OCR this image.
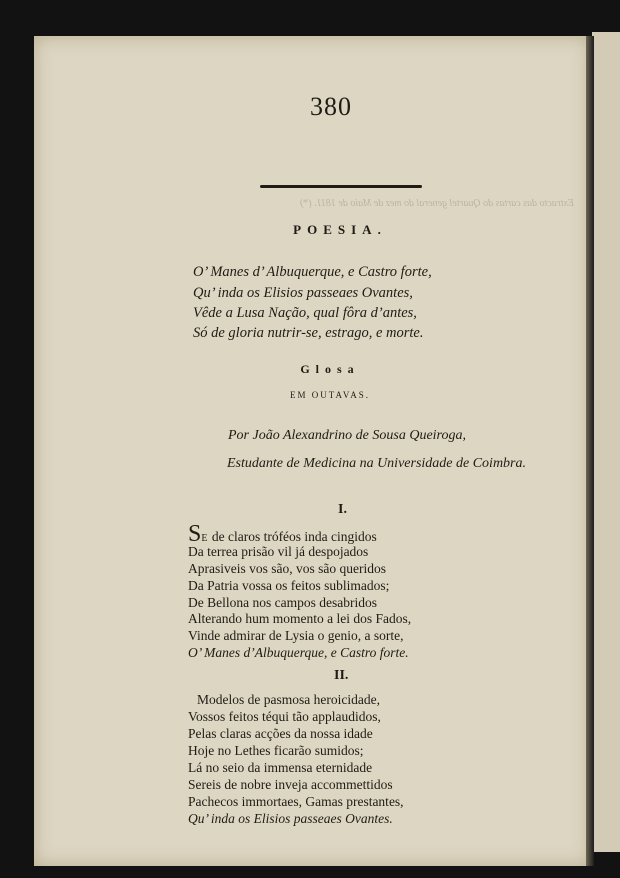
Extracto das cartas do Quartel general do mez de Maio de 1811. (*)
380
POESIA.
O’ Manes d’ Albuquerque, e Castro forte,
Qu’ inda os Elisios passeaes Ovantes,
Vêde a Lusa Nação, qual fôra d’antes,
Só de gloria nutrir-se, estrago, e morte.
Glosa
EM OUTAVAS.
Por João Alexandrino de Sousa Queiroga,
Estudante de Medicina na Universidade de Coimbra.
I.
SE de claros tróféos inda cingidos
Da terrea prisão vil já despojados
Aprasiveis vos são, vos são queridos
Da Patria vossa os feitos sublimados;
De Bellona nos campos desabridos
Alterando hum momento a lei dos Fados,
Vinde admirar de Lysia o genio, a sorte,
O’ Manes d’Albuquerque, e Castro forte.
II.
Modelos de pasmosa heroicidade,
Vossos feitos téqui tão applaudidos,
Pelas claras acções da nossa idade
Hoje no Lethes ficarão sumidos;
Lá no seio da immensa eternidade
Sereis de nobre inveja accommettidos
Pachecos immortaes, Gamas prestantes,
Qu’ inda os Elisios passeaes Ovantes.
